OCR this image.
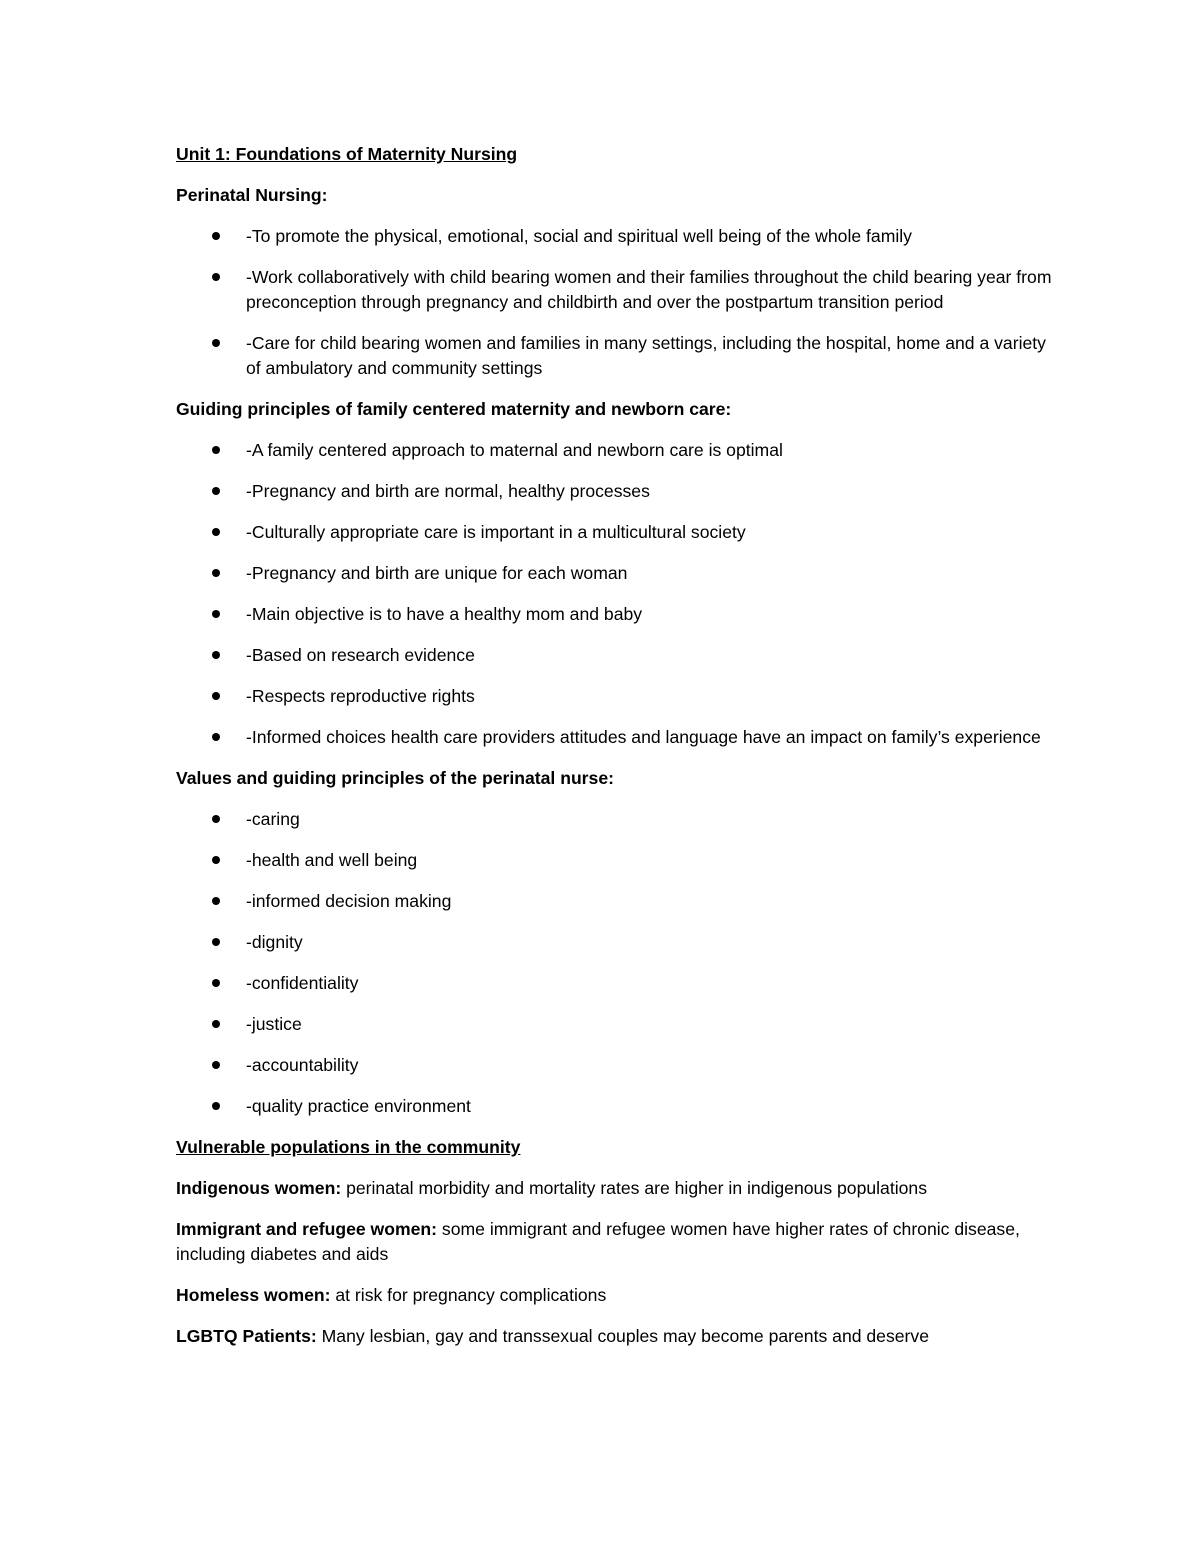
Unit 1: Foundations of Maternity Nursing

Perinatal Nursing:

-To promote the physical, emotional, social and spiritual well being of the whole family
-Work collaboratively with child bearing women and their families throughout the child bearing year from preconception through pregnancy and childbirth and over the postpartum transition period
-Care for child bearing women and families in many settings, including the hospital, home and a variety of ambulatory and community settings

Guiding principles of family centered maternity and newborn care:

-A family centered approach to maternal and newborn care is optimal
-Pregnancy and birth are normal, healthy processes
-Culturally appropriate care is important in a multicultural society
-Pregnancy and birth are unique for each woman
-Main objective is to have a healthy mom and baby
-Based on research evidence
-Respects reproductive rights
-Informed choices health care providers attitudes and language have an impact on family’s experience

Values and guiding principles of the perinatal nurse:

-caring
-health and well being
-informed decision making
-dignity
-confidentiality
-justice
-accountability
-quality practice environment

Vulnerable populations in the community

Indigenous women: perinatal morbidity and mortality rates are higher in indigenous populations

Immigrant and refugee women: some immigrant and refugee women have higher rates of chronic disease, including diabetes and aids

Homeless women: at risk for pregnancy complications

LGBTQ Patients: Many lesbian, gay and transsexual couples may become parents and deserve
